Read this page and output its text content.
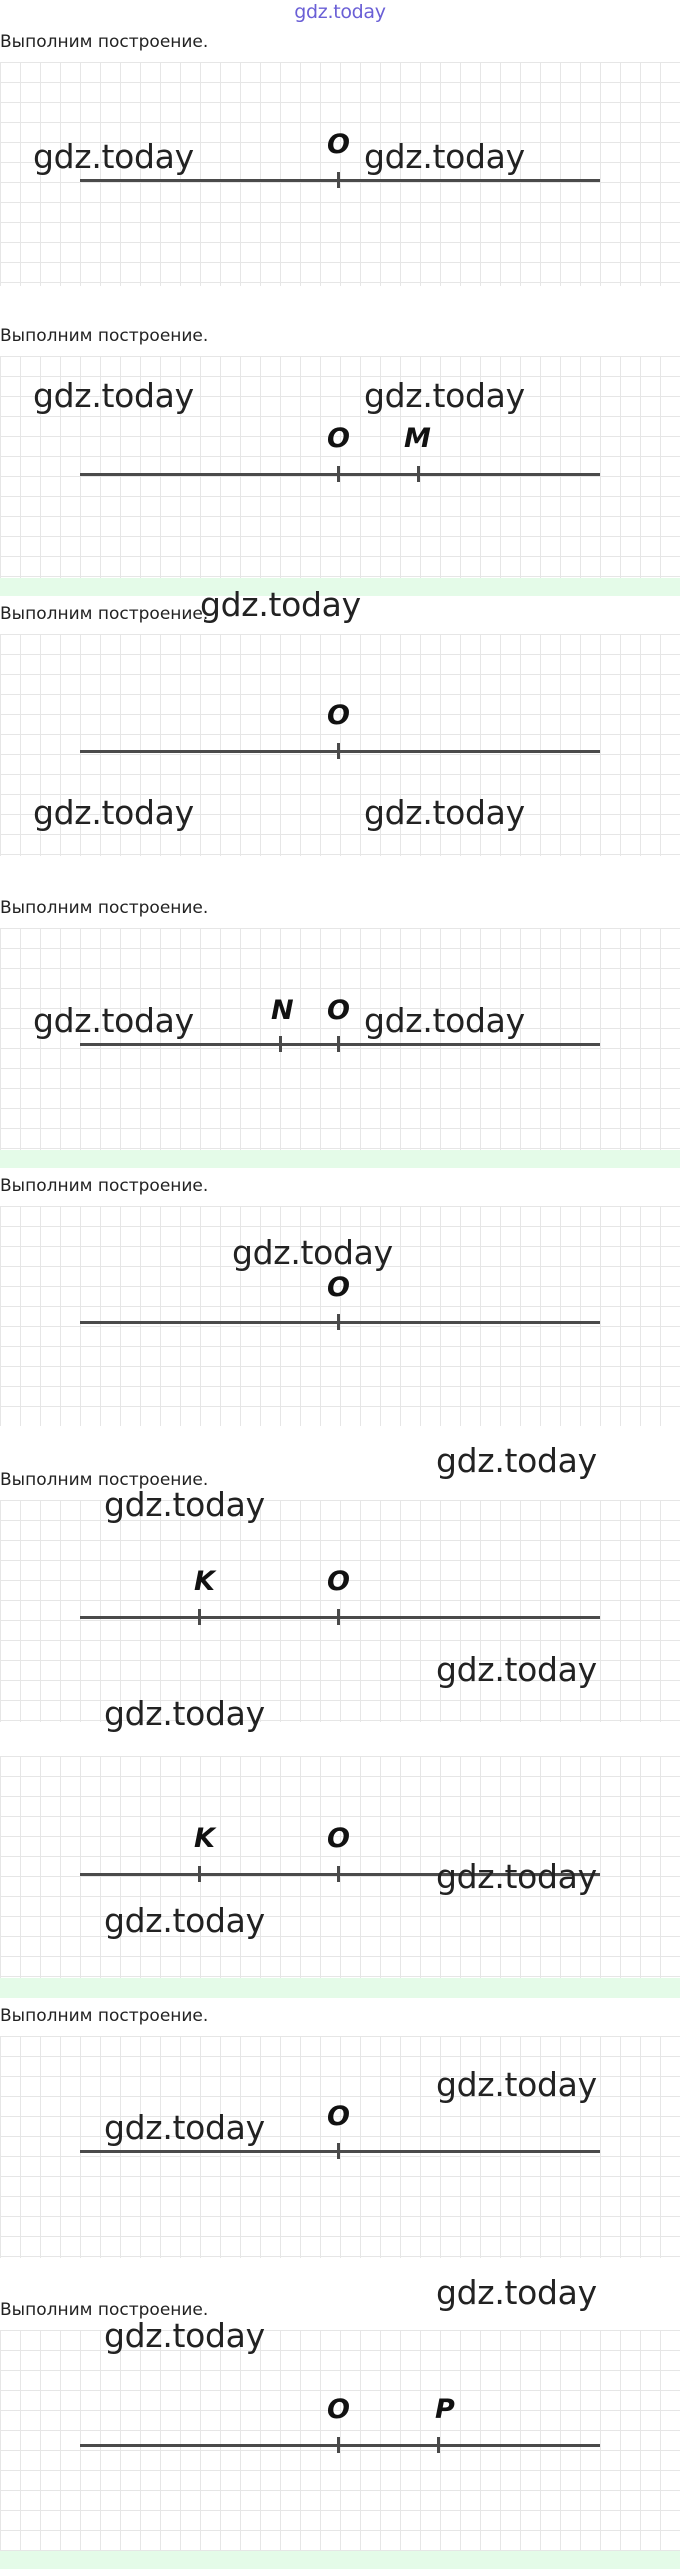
gdz.today
Выполним построение.
O
gdz.today	gdz.today
Выполним построение.
O M
gdz.today	gdz.today
Выполним построение.
gdz.today
O
gdz.today	gdz.today
Выполним построение.
N O
gdz.today	gdz.today
Выполним построение.
O
gdz.today
gdz.today
Выполним построение.
gdz.today
K	O
gdz.today
gdz.today
K	O
gdz.today
gdz.today
Выполним построение.
O
gdz.today
gdz.today
gdz.today
Выполним построение.
gdz.today
O	P
